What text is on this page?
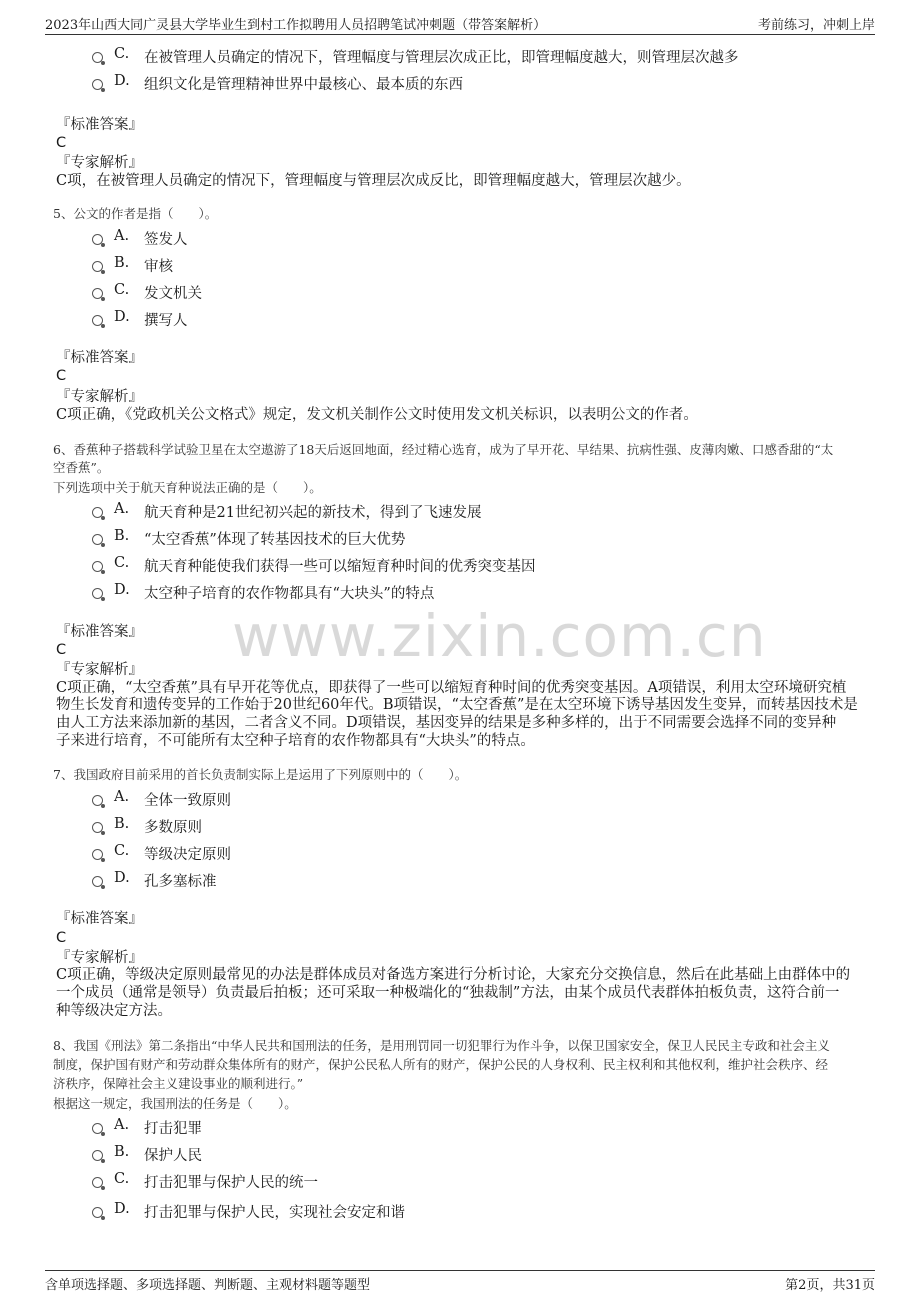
2023年山西大同广灵县大学毕业生到村工作拟聘用人员招聘笔试冲刺题（带答案解析）	考前练习，冲刺上岸
www.zixin.com.cn
C. 在被管理人员确定的情况下，管理幅度与管理层次成正比，即管理幅度越大，则管理层次越多
D. 组织文化是管理精神世界中最核心、最本质的东西
『标准答案』
C
『专家解析』
C项，在被管理人员确定的情况下，管理幅度与管理层次成反比，即管理幅度越大，管理层次越少。
5、公文的作者是指（　　）。
A. 签发人
B. 审核
C. 发文机关
D. 撰写人
『标准答案』
C
『专家解析』
C项正确，《党政机关公文格式》规定，发文机关制作公文时使用发文机关标识，以表明公文的作者。
6、香蕉种子搭载科学试验卫星在太空遨游了18天后返回地面，经过精心选育，成为了早开花、早结果、抗病性强、皮薄肉嫩、口感香甜的“太
空香蕉”。
下列选项中关于航天育种说法正确的是（　　）。
A. 航天育种是21世纪初兴起的新技术，得到了飞速发展
B. “太空香蕉”体现了转基因技术的巨大优势
C. 航天育种能使我们获得一些可以缩短育种时间的优秀突变基因
D. 太空种子培育的农作物都具有“大块头”的特点
『标准答案』
C
『专家解析』
C项正确，“太空香蕉”具有早开花等优点，即获得了一些可以缩短育种时间的优秀突变基因。A项错误，利用太空环境研究植
物生长发育和遗传变异的工作始于20世纪60年代。B项错误，“太空香蕉”是在太空环境下诱导基因发生变异，而转基因技术是
由人工方法来添加新的基因，二者含义不同。D项错误，基因变异的结果是多种多样的，出于不同需要会选择不同的变异种
子来进行培育，不可能所有太空种子培育的农作物都具有“大块头”的特点。
7、我国政府目前采用的首长负责制实际上是运用了下列原则中的（　　）。
A. 全体一致原则
B. 多数原则
C. 等级决定原则
D. 孔多塞标准
『标准答案』
C
『专家解析』
C项正确，等级决定原则最常见的办法是群体成员对备选方案进行分析讨论，大家充分交换信息，然后在此基础上由群体中的
一个成员（通常是领导）负责最后拍板；还可采取一种极端化的“独裁制”方法，由某个成员代表群体拍板负责，这符合前一
种等级决定方法。
8、我国《刑法》第二条指出“中华人民共和国刑法的任务，是用刑罚同一切犯罪行为作斗争，以保卫国家安全，保卫人民民主专政和社会主义
制度，保护国有财产和劳动群众集体所有的财产，保护公民私人所有的财产，保护公民的人身权利、民主权利和其他权利，维护社会秩序、经
济秩序，保障社会主义建设事业的顺利进行。”
根据这一规定，我国刑法的任务是（　　）。
A. 打击犯罪
B. 保护人民
C. 打击犯罪与保护人民的统一
D. 打击犯罪与保护人民，实现社会安定和谐
含单项选择题、多项选择题、判断题、主观材料题等题型	第2页，共31页
